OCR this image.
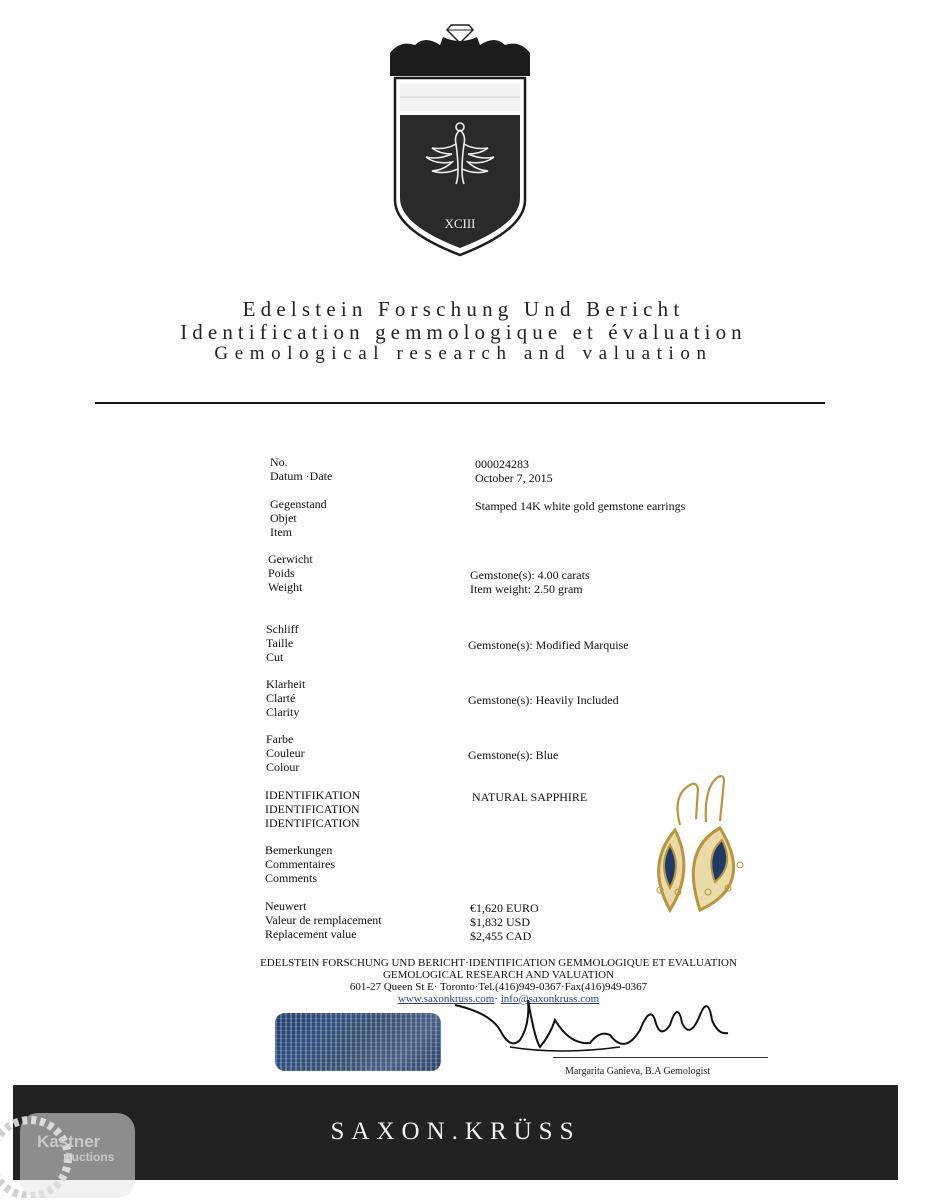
XCIII
Edelstein Forschung Und Bericht
Identification gemmologique et évaluation
Gemological research and valuation
No.
Datum ·Date
000024283
October 7, 2015
Gegenstand
Objet
Item
Stamped 14K white gold gemstone earrings
Gerwicht
Poids
Weight
Gemstone(s): 4.00 carats
Item weight: 2.50 gram
Schliff
Taille
Cut
Gemstone(s): Modified Marquise
Klarheit
Clarté
Clarity
Gemstone(s): Heavily Included
Farbe
Couleur
Colour
Gemstone(s): Blue
IDENTIFIKATION
IDENTIFICATION
IDENTIFICATION
NATURAL SAPPHIRE
Bemerkungen
Commentaires
Comments
Neuwert
Valeur de remplacement
Replacement value
€1,620 EURO
$1,832 USD
$2,455 CAD
EDELSTEIN FORSCHUNG UND BERICHT·IDENTIFICATION GEMMOLOGIQUE ET EVALUATION
GEMOLOGICAL RESEARCH AND VALUATION
601-27 Queen St E· Toronto·Tel.(416)949-0367·Fax(416)949-0367
www.saxonkruss.com· info@saxonkruss.com
Margarita Ganieva, B.A Gemologist
SAXON.KRÜSS
Kastner
Auctions
